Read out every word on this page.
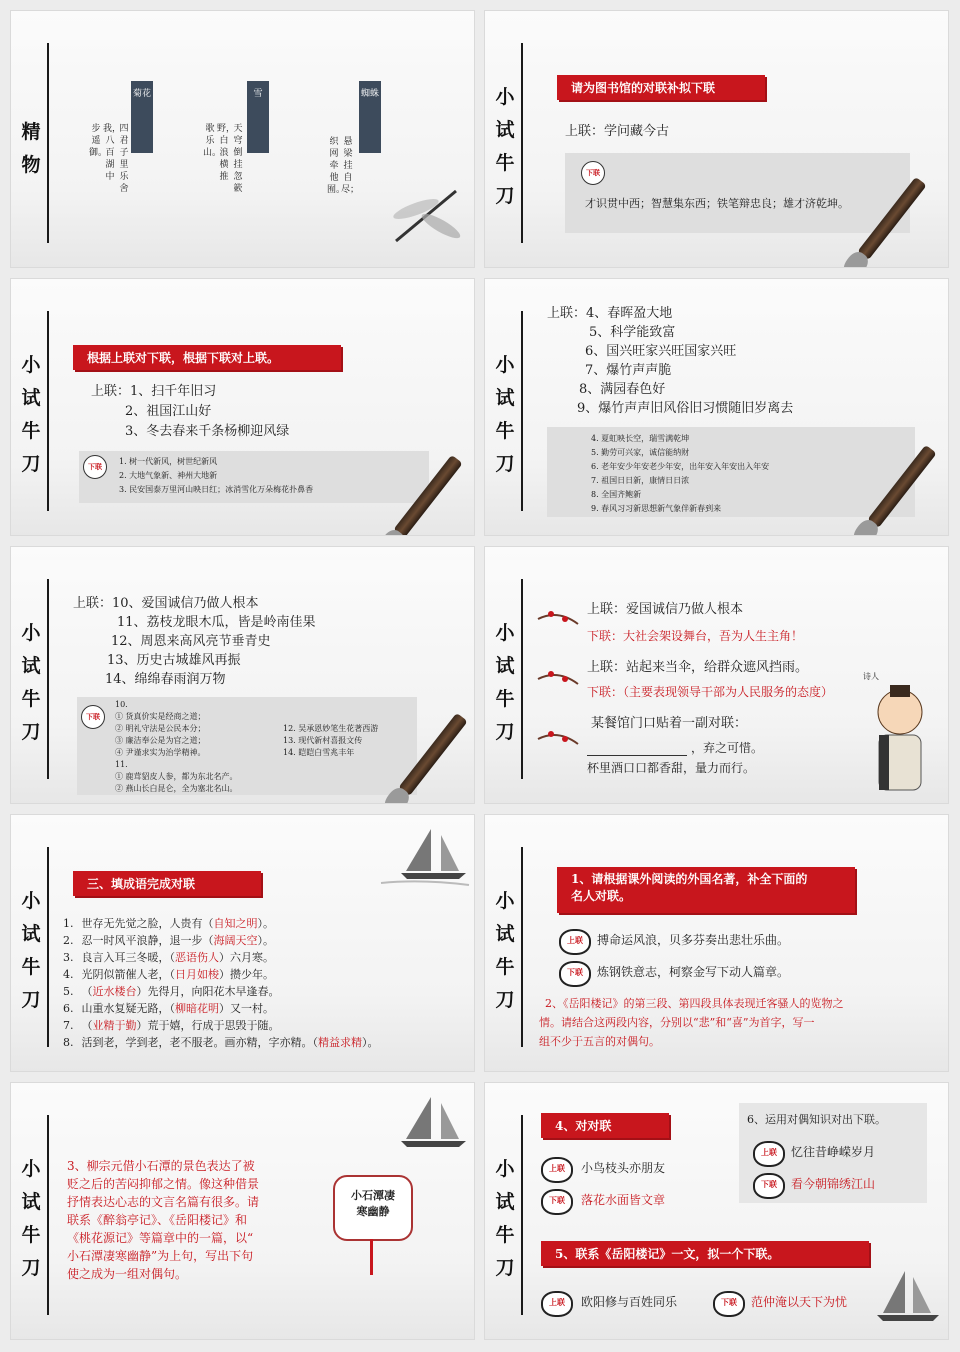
精物
菊花	雪	蜘蛛
四君子里乐舍
我，八百湖中
步遥御。
天穹倒挂忽簌
野，白浪横推
歌乐山。
悬梁挂自尽；
织网牵他囿。
小试牛刀
请为图书馆的对联补拟下联
上联：学问藏今古
下联
才识贯中西；智慧集东西；铁笔辩忠良；雄才济乾坤。
小试牛刀
根据上联对下联，根据下联对上联。
上联：1、扫千年旧习
2、祖国江山好
3、冬去春来千条杨柳迎风绿
下联
1. 树一代新风，树世纪新风
2. 大地气象新、神州大地新
3. 民安国泰万里河山映日红；冰消雪化万朵梅花扑鼻香
小试牛刀
上联：4、春晖盈大地
5、科学能致富
6、国兴旺家兴旺国家兴旺
7、爆竹声声脆
8、满园春色好
9、爆竹声声旧风俗旧习惯随旧岁离去
4. 夏虹映长空，瑞雪满乾坤
5. 勤劳可兴家，诚信能纳财
6. 老年安少年安老少年安，出年安入年安出入年安
7. 祖国日日新，康情日日浓
8. 全国齐鲍新
9. 春风习习新思想新气象伴新春到来
小试牛刀
上联：10、爱国诚信乃做人根本
11、荔枝龙眼木瓜，皆是岭南佳果
12、周恩来高风亮节垂青史
13、历史古城雄风再振
14、绵绵春雨润万物
下联
10.
① 货真价实是经商之道；
② 明礼守法是公民本分；
③ 廉洁奉公是为官之道；
④ 尹谨求实为治学精神。
11.
① 鹿茸貂皮人参，都为东北名产。
② 燕山长白昆仑，全为塞北名山。
12. 吴承恩妙笔生花著西游
13. 现代新村喜报文传
14. 皑皑白雪兆丰年
小试牛刀
上联：爱国诚信乃做人根本
下联：大社会架设舞台，吾为人生主角！
上联：站起来当伞，给群众遮风挡雨。
下联：（主要表现领导干部为人民服务的态度）
诗人
某餐馆门口贴着一副对联：
，弃之可惜。
杯里酒口口都香甜，量力而行。
小试牛刀
三、填成语完成对联
1. 世存无先觉之脸，人贵有（自知之明）。
2. 忍一时风平浪静，退一步（海阔天空）。
3. 良言入耳三冬暖，（恶语伤人）六月寒。
4. 光阴似箭催人老，（日月如梭）攒少年。
5. （近水楼台）先得月，向阳花木早逢春。
6. 山重水复疑无路，（柳暗花明）又一村。
7. （业精于勤）荒于嬉，行成于思毁于随。
8. 活到老，学到老，老不服老。画亦精，字亦精。（精益求精）。
小试牛刀
1、请根据课外阅读的外国名著，补全下面的
名人对联。
上联	搏命运风浪，贝多芬奏出悲壮乐曲。
下联	炼钢铁意志，柯察金写下动人篇章。
2、《岳阳楼记》的第三段、第四段具体表现迁客骚人的览物之
情。请结合这两段内容，分别以“悲”和“喜”为首字，写一
组不少于五言的对偶句。
小试牛刀
3、柳宗元借小石潭的景色表达了被
贬之后的苦闷抑郁之情。像这种借景
抒情表达心志的文言名篇有很多。请
联系《醉翁亭记》、《岳阳楼记》和
《桃花源记》等篇章中的一篇，以“
小石潭凄寒幽静”为上句，写出下句
使之成为一组对偶句。
小石潭凄
寒幽静
小试牛刀
4、对对联
上联	小鸟枝头亦朋友
下联	落花水面皆文章
6、运用对偶知识对出下联。
上联	忆往昔峥嵘岁月
下联	看今朝锦绣江山
5、联系《岳阳楼记》一文，拟一个下联。
上联	欧阳修与百姓同乐	下联	范仲淹以天下为忧
